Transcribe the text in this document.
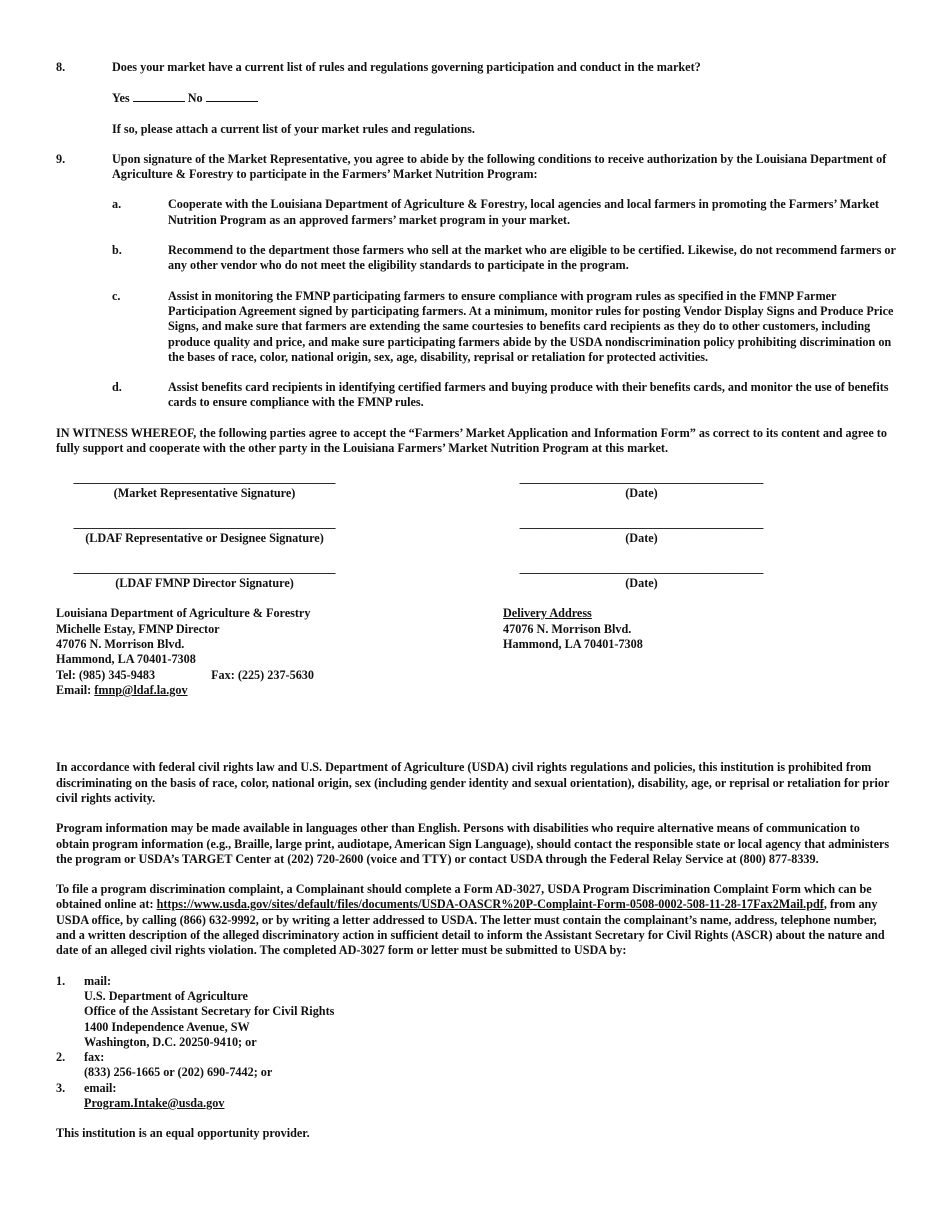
8.	Does your market have a current list of rules and regulations governing participation and conduct in the market?
Yes	No
If so, please attach a current list of your market rules and regulations.
9.	Upon signature of the Market Representative, you agree to abide by the following conditions to receive authorization by the Louisiana Department of Agriculture & Forestry to participate in the Farmers’ Market Nutrition Program:
a.	Cooperate with the Louisiana Department of Agriculture & Forestry, local agencies and local farmers in promoting the Farmers’ Market Nutrition Program as an approved farmers’ market program in your market.
b.	Recommend to the department those farmers who sell at the market who are eligible to be certified. Likewise, do not recommend farmers or any other vendor who do not meet the eligibility standards to participate in the program.
c.	Assist in monitoring the FMNP participating farmers to ensure compliance with program rules as specified in the FMNP Farmer Participation Agreement signed by participating farmers. At a minimum, monitor rules for posting Vendor Display Signs and Produce Price Signs, and make sure that farmers are extending the same courtesies to benefits card recipients as they do to other customers, including produce quality and price, and make sure participating farmers abide by the USDA nondiscrimination policy prohibiting discrimination on the bases of race, color, national origin, sex, age, disability, reprisal or retaliation for protected activities.
d.	Assist benefits card recipients in identifying certified farmers and buying produce with their benefits cards, and monitor the use of benefits cards to ensure compliance with the FMNP rules.
IN WITNESS WHEREOF, the following parties agree to accept the “Farmers’ Market Application and Information Form” as correct to its content and agree to fully support and cooperate with the other party in the Louisiana Farmers’ Market Nutrition Program at this market.
___________________________________________
(Market Representative Signature)
________________________________________
(Date)
___________________________________________
(LDAF Representative or Designee Signature)
________________________________________
(Date)
___________________________________________
(LDAF FMNP Director Signature)
________________________________________
(Date)
Louisiana Department of Agriculture & Forestry
Michelle Estay, FMNP Director
47076 N. Morrison Blvd.
Hammond, LA 70401-7308
Tel: (985) 345-9483	Fax: (225) 237-5630
Email: fmnp@ldaf.la.gov
Delivery Address
47076 N. Morrison Blvd.
Hammond, LA 70401-7308
In accordance with federal civil rights law and U.S. Department of Agriculture (USDA) civil rights regulations and policies, this institution is prohibited from discriminating on the basis of race, color, national origin, sex (including gender identity and sexual orientation), disability, age, or reprisal or retaliation for prior civil rights activity.
Program information may be made available in languages other than English. Persons with disabilities who require alternative means of communication to obtain program information (e.g., Braille, large print, audiotape, American Sign Language), should contact the responsible state or local agency that administers the program or USDA’s TARGET Center at (202) 720-2600 (voice and TTY) or contact USDA through the Federal Relay Service at (800) 877-8339.
To file a program discrimination complaint, a Complainant should complete a Form AD-3027, USDA Program Discrimination Complaint Form which can be obtained online at: https://www.usda.gov/sites/default/files/documents/USDA-OASCR%20P-Complaint-Form-0508-0002-508-11-28-17Fax2Mail.pdf, from any USDA office, by calling (866) 632-9992, or by writing a letter addressed to USDA. The letter must contain the complainant’s name, address, telephone number, and a written description of the alleged discriminatory action in sufficient detail to inform the Assistant Secretary for Civil Rights (ASCR) about the nature and date of an alleged civil rights violation. The completed AD-3027 form or letter must be submitted to USDA by:
1.	mail:
U.S. Department of Agriculture
Office of the Assistant Secretary for Civil Rights
1400 Independence Avenue, SW
Washington, D.C. 20250-9410; or
2.	fax:
(833) 256-1665 or (202) 690-7442; or
3.	email:
Program.Intake@usda.gov
This institution is an equal opportunity provider.
